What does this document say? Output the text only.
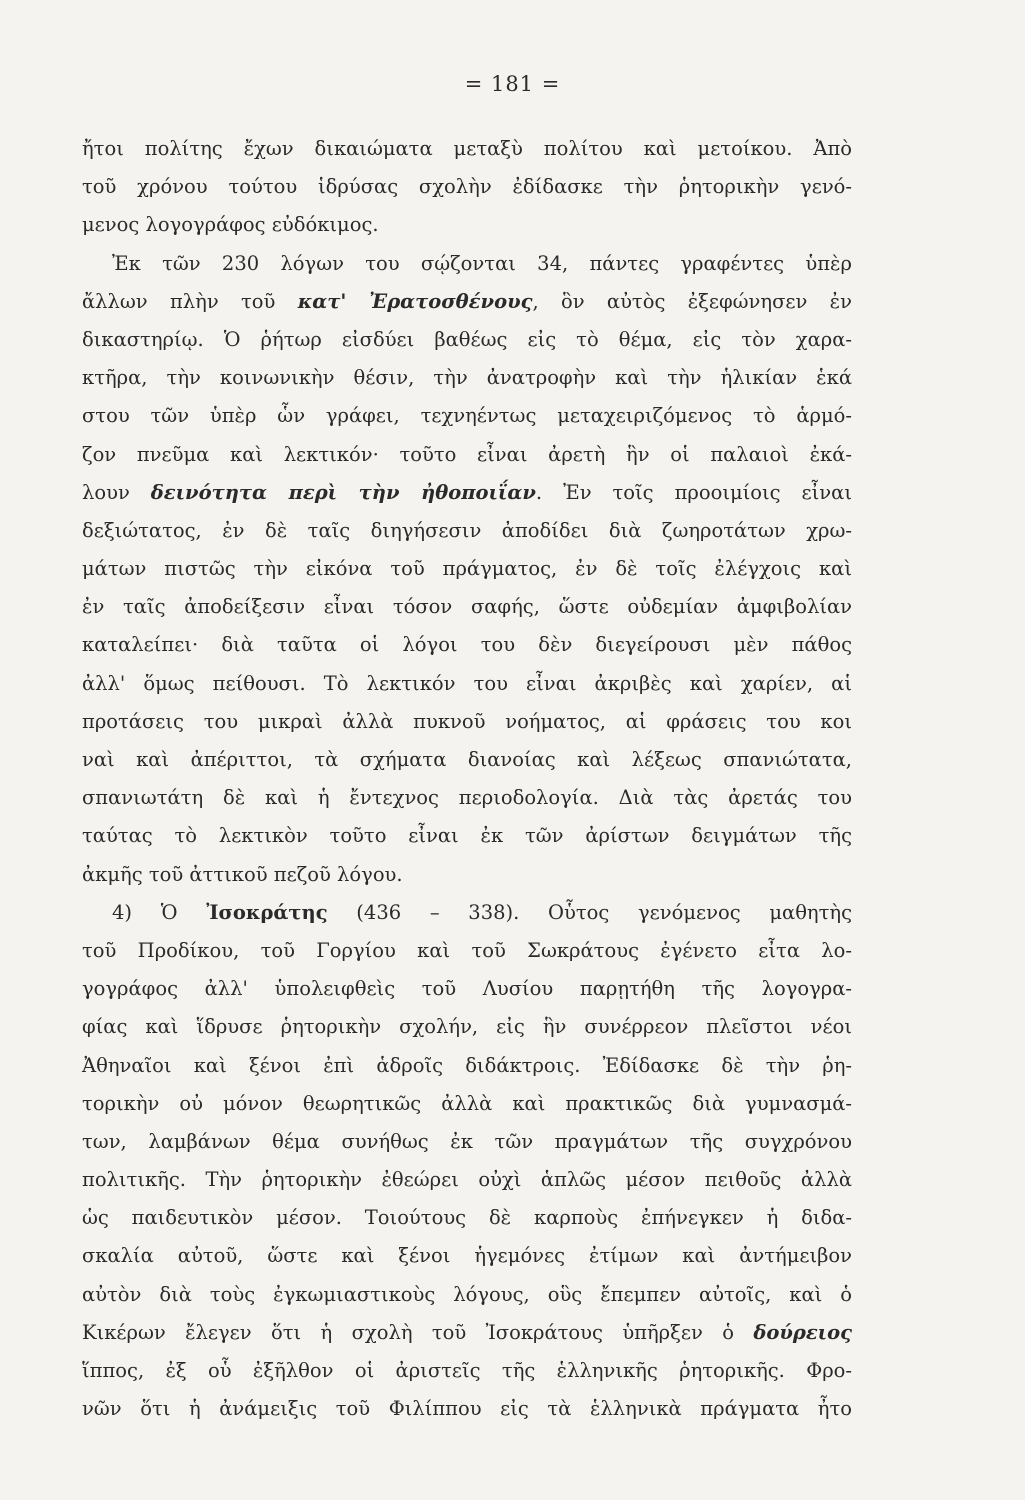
= 181 =
ἤτοι πολίτης ἔχων δικαιώματα μεταξὺ πολίτου καὶ μετοίκου. Ἀπὸ
τοῦ χρόνου τούτου ἱδρύσας σχολὴν ἐδίδασκε τὴν ῥητορικὴν γενό-
μενος λογογράφος εὐδόκιμος.
Ἐκ τῶν 230 λόγων του σῴζονται 34, πάντες γραφέντες ὑπὲρ
ἄλλων πλὴν τοῦ κατ' Ἐρατοσθένους, ὃν αὐτὸς ἐξεφώνησεν ἐν
δικαστηρίῳ. Ὁ ῥήτωρ εἰσδύει βαθέως εἰς τὸ θέμα, εἰς τὸν χαρα-
κτῆρα, τὴν κοινωνικὴν θέσιν, τὴν ἀνατροφὴν καὶ τὴν ἡλικίαν ἑκά
στου τῶν ὑπὲρ ὧν γράφει, τεχνηέντως μεταχειριζόμενος τὸ ἁρμό-
ζον πνεῦμα καὶ λεκτικόν· τοῦτο εἶναι ἀρετὴ ἣν οἱ παλαιοὶ ἐκά-
λουν δεινότητα περὶ τὴν ἠθοποιΐαν. Ἐν τοῖς προοιμίοις εἶναι
δεξιώτατος, ἐν δὲ ταῖς διηγήσεσιν ἀποδίδει διὰ ζωηροτάτων χρω-
μάτων πιστῶς τὴν εἰκόνα τοῦ πράγματος, ἐν δὲ τοῖς ἐλέγχοις καὶ
ἐν ταῖς ἀποδείξεσιν εἶναι τόσον σαφής, ὥστε οὐδεμίαν ἀμφιβολίαν
καταλείπει· διὰ ταῦτα οἱ λόγοι του δὲν διεγείρουσι μὲν πάθος
ἀλλ' ὅμως πείθουσι. Τὸ λεκτικόν του εἶναι ἀκριβὲς καὶ χαρίεν, αἱ
προτάσεις του μικραὶ ἀλλὰ πυκνοῦ νοήματος, αἱ φράσεις του κοι
ναὶ καὶ ἀπέριττοι, τὰ σχήματα διανοίας καὶ λέξεως σπανιώτατα,
σπανιωτάτη δὲ καὶ ἡ ἔντεχνος περιοδολογία. Διὰ τὰς ἀρετάς του
ταύτας τὸ λεκτικὸν τοῦτο εἶναι ἐκ τῶν ἀρίστων δειγμάτων τῆς
ἀκμῆς τοῦ ἀττικοῦ πεζοῦ λόγου.
4) Ὁ Ἰσοκράτης (436 – 338). Οὗτος γενόμενος μαθητὴς
τοῦ Προδίκου, τοῦ Γοργίου καὶ τοῦ Σωκράτους ἐγένετο εἶτα λο-
γογράφος ἀλλ' ὑπολειφθεὶς τοῦ Λυσίου παρῃτήθη τῆς λογογρα-
φίας καὶ ἵδρυσε ῥητορικὴν σχολήν, εἰς ἣν συνέρρεον πλεῖστοι νέοι
Ἀθηναῖοι καὶ ξένοι ἐπὶ ἁδροῖς διδάκτροις. Ἐδίδασκε δὲ τὴν ῥη-
τορικὴν οὐ μόνον θεωρητικῶς ἀλλὰ καὶ πρακτικῶς διὰ γυμνασμά-
των, λαμβάνων θέμα συνήθως ἐκ τῶν πραγμάτων τῆς συγχρόνου
πολιτικῆς. Τὴν ῥητορικὴν ἐθεώρει οὐχὶ ἁπλῶς μέσον πειθοῦς ἀλλὰ
ὡς παιδευτικὸν μέσον. Τοιούτους δὲ καρποὺς ἐπήνεγκεν ἡ διδα-
σκαλία αὐτοῦ, ὥστε καὶ ξένοι ἡγεμόνες ἐτίμων καὶ ἀντήμειβον
αὐτὸν διὰ τοὺς ἐγκωμιαστικοὺς λόγους, οὓς ἔπεμπεν αὐτοῖς, καὶ ὁ
Κικέρων ἔλεγεν ὅτι ἡ σχολὴ τοῦ Ἰσοκράτους ὑπῆρξεν ὁ δούρειος
ἵππος, ἐξ οὗ ἐξῆλθον οἱ ἀριστεῖς τῆς ἑλληνικῆς ῥητορικῆς. Φρο-
νῶν ὅτι ἡ ἀνάμειξις τοῦ Φιλίππου εἰς τὰ ἑλληνικὰ πράγματα ἦτο
